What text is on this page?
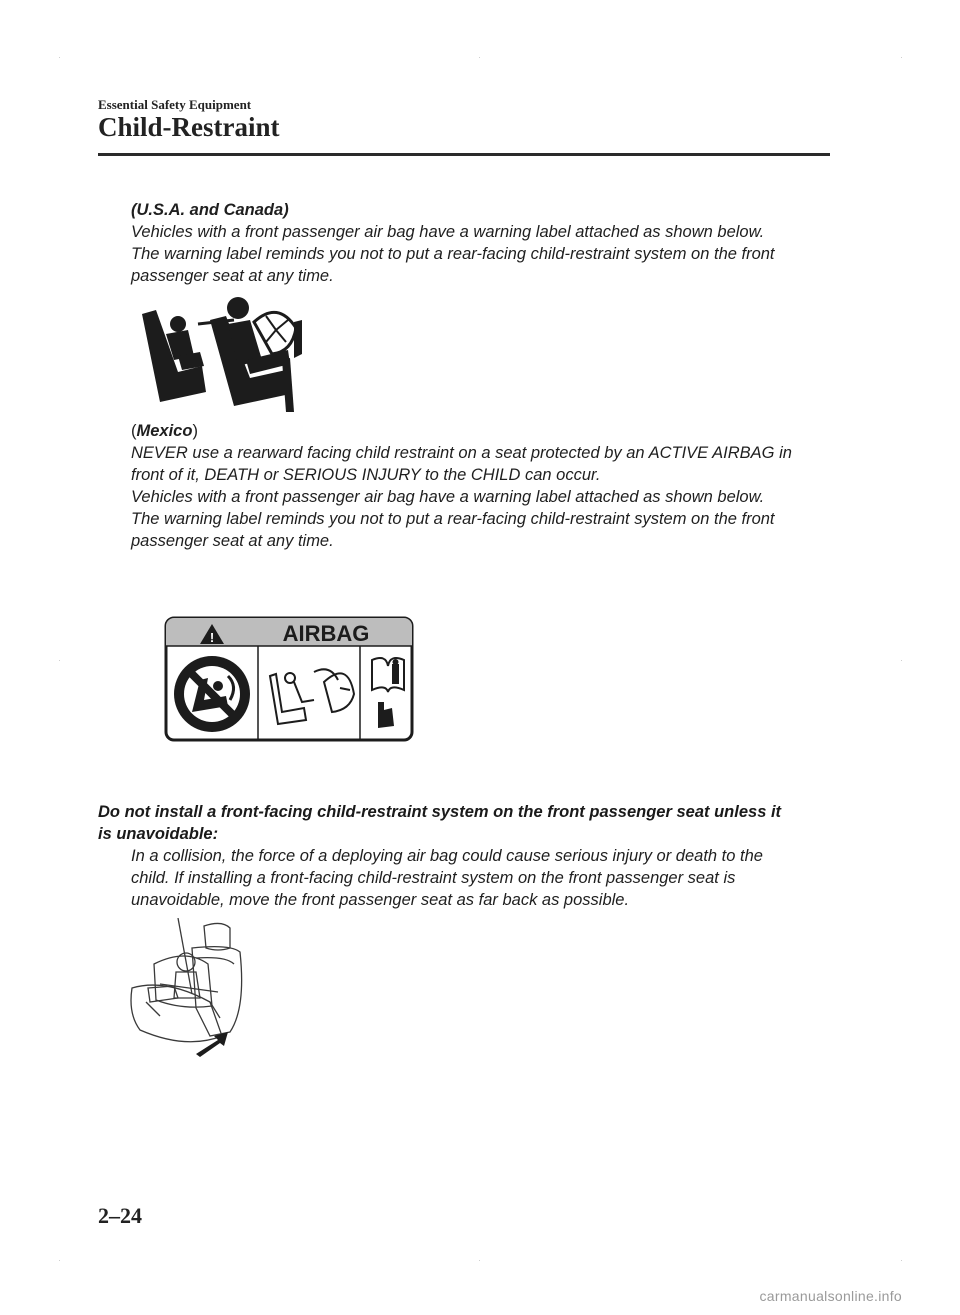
·	·	·
·	·
·	·	·
Essential Safety Equipment
Child-Restraint

(U.S.A. and Canada)

Vehicles with a front passenger air bag have a warning label attached as shown below.

The warning label reminds you not to put a rear-facing child-restraint system on the front

passenger seat at any time.

(Mexico)

NEVER use a rearward facing child restraint on a seat protected by an ACTIVE AIRBAG in

front of it, DEATH or SERIOUS INJURY to the CHILD can occur.

Vehicles with a front passenger air bag have a warning label attached as shown below.

The warning label reminds you not to put a rear-facing child-restraint system on the front

passenger seat at any time.

!	AIRBAG
Do not install a front-facing child-restraint system on the front passenger seat unless it
is unavoidable:

In a collision, the force of a deploying air bag could cause serious injury or death to the

child. If installing a front-facing child-restraint system on the front passenger seat is

unavoidable, move the front passenger seat as far back as possible.

2–24
carmanualsonline.info
